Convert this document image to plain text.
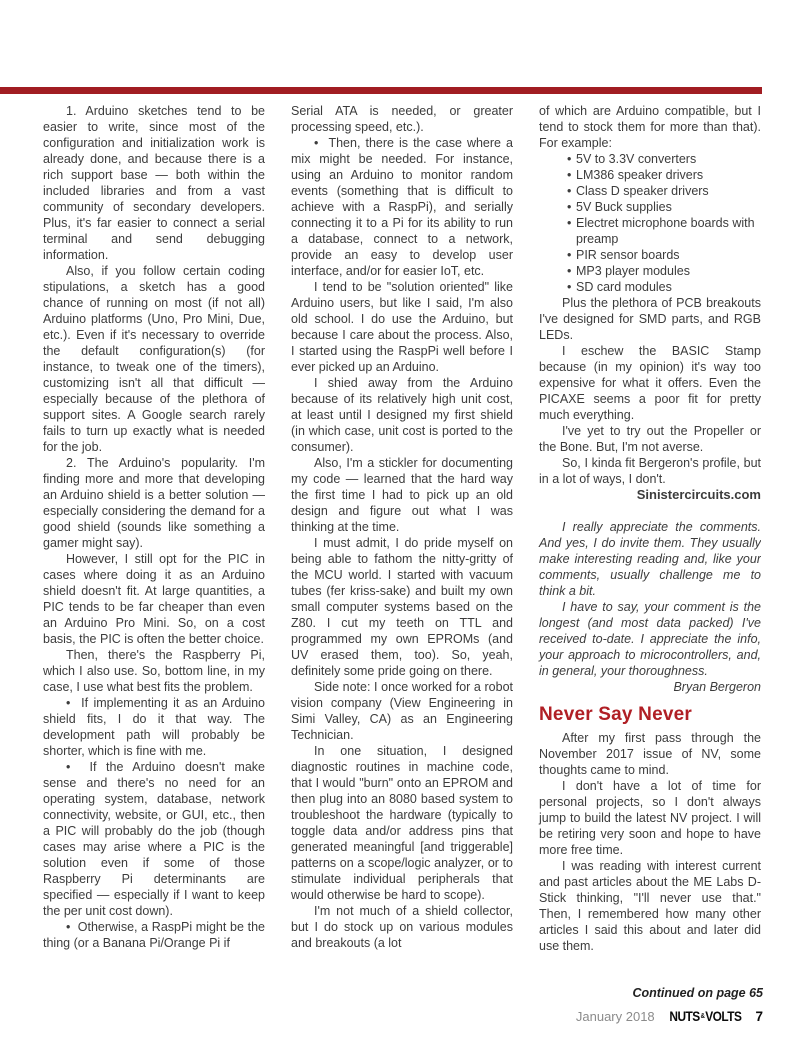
1. Arduino sketches tend to be easier to write, since most of the configuration and initialization work is already done, and because there is a rich support base — both within the included libraries and from a vast community of secondary developers. Plus, it's far easier to connect a serial terminal and send debugging information.
Also, if you follow certain coding stipulations, a sketch has a good chance of running on most (if not all) Arduino platforms (Uno, Pro Mini, Due, etc.). Even if it's necessary to override the default configuration(s) (for instance, to tweak one of the timers), customizing isn't all that difficult — especially because of the plethora of support sites. A Google search rarely fails to turn up exactly what is needed for the job.
2. The Arduino's popularity. I'm finding more and more that developing an Arduino shield is a better solution — especially considering the demand for a good shield (sounds like something a gamer might say).
However, I still opt for the PIC in cases where doing it as an Arduino shield doesn't fit. At large quantities, a PIC tends to be far cheaper than even an Arduino Pro Mini. So, on a cost basis, the PIC is often the better choice.
Then, there's the Raspberry Pi, which I also use. So, bottom line, in my case, I use what best fits the problem.
•  If implementing it as an Arduino shield fits, I do it that way. The development path will probably be shorter, which is fine with me.
•  If the Arduino doesn't make sense and there's no need for an operating system, database, network connectivity, website, or GUI, etc., then a PIC will probably do the job (though cases may arise where a PIC is the solution even if some of those Raspberry Pi determinants are specified — especially if I want to keep the per unit cost down).
•  Otherwise, a RaspPi might be the thing (or a Banana Pi/Orange Pi if
Serial ATA is needed, or greater processing speed, etc.).
•  Then, there is the case where a mix might be needed. For instance, using an Arduino to monitor random events (something that is difficult to achieve with a RaspPi), and serially connecting it to a Pi for its ability to run a database, connect to a network, provide an easy to develop user interface, and/or for easier IoT, etc.
I tend to be "solution oriented" like Arduino users, but like I said, I'm also old school. I do use the Arduino, but because I care about the process. Also, I started using the RaspPi well before I ever picked up an Arduino.
I shied away from the Arduino because of its relatively high unit cost, at least until I designed my first shield (in which case, unit cost is ported to the consumer).
Also, I'm a stickler for documenting my code — learned that the hard way the first time I had to pick up an old design and figure out what I was thinking at the time.
I must admit, I do pride myself on being able to fathom the nitty-gritty of the MCU world. I started with vacuum tubes (fer kriss-sake) and built my own small computer systems based on the Z80. I cut my teeth on TTL and programmed my own EPROMs (and UV erased them, too). So, yeah, definitely some pride going on there.
Side note: I once worked for a robot vision company (View Engineering in Simi Valley, CA) as an Engineering Technician.
In one situation, I designed diagnostic routines in machine code, that I would "burn" onto an EPROM and then plug into an 8080 based system to troubleshoot the hardware (typically to toggle data and/or address pins that generated meaningful [and triggerable] patterns on a scope/logic analyzer, or to stimulate individual peripherals that would otherwise be hard to scope).
I'm not much of a shield collector, but I do stock up on various modules and breakouts (a lot
of which are Arduino compatible, but I tend to stock them for more than that). For example:
• 5V to 3.3V converters
• LM386 speaker drivers
• Class D speaker drivers
• 5V Buck supplies
• Electret microphone boards with preamp
• PIR sensor boards
• MP3 player modules
• SD card modules
Plus the plethora of PCB breakouts I've designed for SMD parts, and RGB LEDs.
I eschew the BASIC Stamp because (in my opinion) it's way too expensive for what it offers. Even the PICAXE seems a poor fit for pretty much everything.
I've yet to try out the Propeller or the Bone. But, I'm not averse.
So, I kinda fit Bergeron's profile, but in a lot of ways, I don't.
Sinistercircuits.com
I really appreciate the comments. And yes, I do invite them. They usually make interesting reading and, like your comments, usually challenge me to think a bit.
I have to say, your comment is the longest (and most data packed) I've received to-date. I appreciate the info, your approach to microcontrollers, and, in general, your thoroughness.
Bryan Bergeron
Never Say Never
After my first pass through the November 2017 issue of NV, some thoughts came to mind.
I don't have a lot of time for personal projects, so I don't always jump to build the latest NV project. I will be retiring very soon and hope to have more free time.
I was reading with interest current and past articles about the ME Labs D-Stick thinking, "I'll never use that." Then, I remembered how many other articles I said this about and later did use them.
Continued on page 65
January 2018 NUTS & VOLTS 7
